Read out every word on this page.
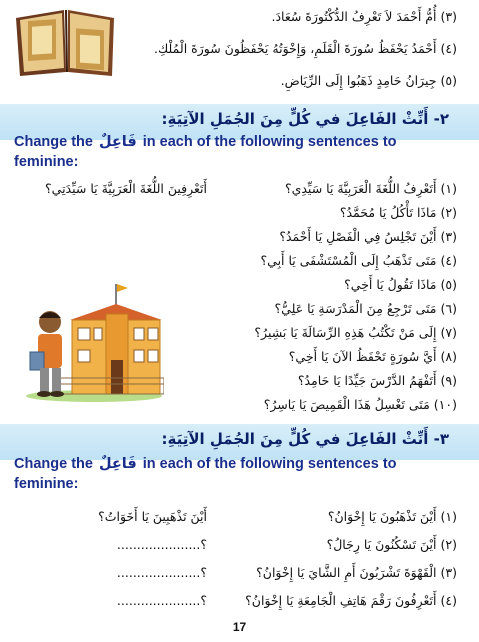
(٣)أُمُّ أَحْمَدَ لاَ تَعْرِفُ الدُّكْتُورَةَ سُعَادَ.
(٤)أَحْمَدُ يَحْفَظُ سُورَةَ الْقَلَمِ، وَإِخْوَتُهُ يَحْفَظُونَ سُورَةَ الْمُلْكِ.
(٥)جِيرَانُ حَامِدٍ ذَهَبُوا إِلَى الرِّيَاضِ.
٢- أَنِّثْ الفَاعِلَ في كُلٍّ مِنَ الجُمَلِ الآتِيَةِ:
Change the فَاعِلٌ in each of the following sentences to
feminine:
(١)أَتَعْرِفُ اللُّغَةَ الْعَرَبِيَّةَ يَا سَيِّدِي؟
أَتَعْرِفِينَ اللُّغَةَ الْعَرَبِيَّةَ يَا سَيِّدَتِي؟
(٢)مَاذَا تَأْكُلُ يَا مُحَمَّدُ؟
(٣)أَيْنَ تَجْلِسُ فِي الْفَصْلِ يَا أَحْمَدُ؟
(٤)مَتَى تَذْهَبُ إِلَى الْمُسْتَشْفَى يَا أَبِي؟
(٥)مَاذَا تَقُولُ يَا أَخِي؟
(٦)مَتَى تَرْجِعُ مِنَ الْمَدْرَسَةِ يَا عَلِيُّ؟
(٧)إِلَى مَنْ تَكْتُبُ هَذِهِ الرِّسَالَةَ يَا بَشِيرُ؟
(٨)أَيَّ سُورَةٍ تَحْفَظُ الآنَ يَا أَخِي؟
(٩)أَتَفْهَمُ الدَّرْسَ جَيِّدًا يَا حَامِدُ؟
(١٠)مَتَى تَغْسِلُ هَذَا الْقَمِيصَ يَا يَاسِرُ؟
٣- أَنِّثْ الفَاعِلَ في كُلٍّ مِنَ الجُمَلِ الآتِيَةِ:
Change the فَاعِلٌ in each of the following sentences to
feminine:
(١)أَيْنَ تَذْهَبُونَ يَا إِخْوَانُ؟
أَيْنَ تَذْهَبِينَ يَا أَخَوَاتُ؟
(٢)أَيْنَ تَسْكُنُونَ يَا رِجَالُ؟
؟.....................
(٣)الْقَهْوَةَ تَشْرَبُونَ أَمِ الشَّايَ يَا إِخْوَانُ؟
؟.....................
(٤)أَتَعْرِفُونَ رَقْمَ هَاتِفِ الْجَامِعَةِ يَا إِخْوَانُ؟
؟.....................
17
